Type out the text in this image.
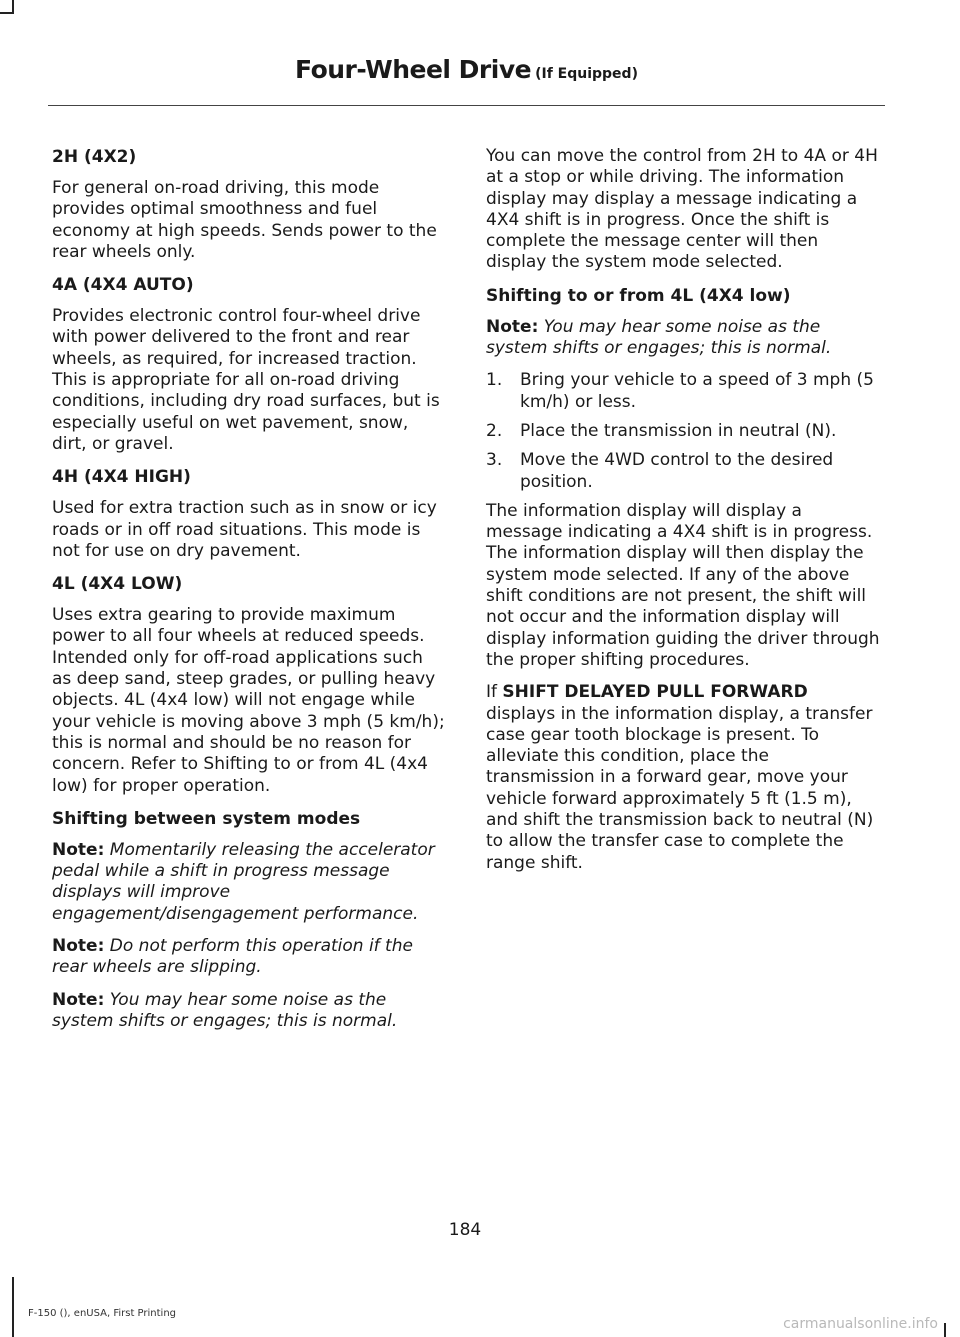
Four-Wheel Drive (If Equipped)
2H (4X2)

For general on-road driving, this mode provides optimal smoothness and fuel economy at high speeds. Sends power to the rear wheels only.

4A (4X4 AUTO)

Provides electronic control four-wheel drive with power delivered to the front and rear wheels, as required, for increased traction. This is appropriate for all on-road driving conditions, including dry road surfaces, but is especially useful on wet pavement, snow, dirt, or gravel.

4H (4X4 HIGH)

Used for extra traction such as in snow or icy roads or in off road situations. This mode is not for use on dry pavement.

4L (4X4 LOW)

Uses extra gearing to provide maximum power to all four wheels at reduced speeds. Intended only for off-road applications such as deep sand, steep grades, or pulling heavy objects. 4L (4x4 low) will not engage while your vehicle is moving above 3 mph (5 km/h); this is normal and should be no reason for concern. Refer to Shifting to or from 4L (4x4 low) for proper operation.

Shifting between system modes

Note: Momentarily releasing the accelerator pedal while a shift in progress message displays will improve engagement/disengagement performance.

Note: Do not perform this operation if the rear wheels are slipping.

Note: You may hear some noise as the system shifts or engages; this is normal.

You can move the control from 2H to 4A or 4H at a stop or while driving. The information display may display a message indicating a 4X4 shift is in progress. Once the shift is complete the message center will then display the system mode selected.

Shifting to or from 4L (4X4 low)

Note: You may hear some noise as the system shifts or engages; this is normal.

1. Bring your vehicle to a speed of 3 mph (5 km/h) or less.
2. Place the transmission in neutral (N).
3. Move the 4WD control to the desired position.

The information display will display a message indicating a 4X4 shift is in progress. The information display will then display the system mode selected. If any of the above shift conditions are not present, the shift will not occur and the information display will display information guiding the driver through the proper shifting procedures.

If SHIFT DELAYED PULL FORWARD displays in the information display, a transfer case gear tooth blockage is present. To alleviate this condition, place the transmission in a forward gear, move your vehicle forward approximately 5 ft (1.5 m), and shift the transmission back to neutral (N) to allow the transfer case to complete the range shift.

184
F-150 (), enUSA, First Printing
carmanualsonline.info
